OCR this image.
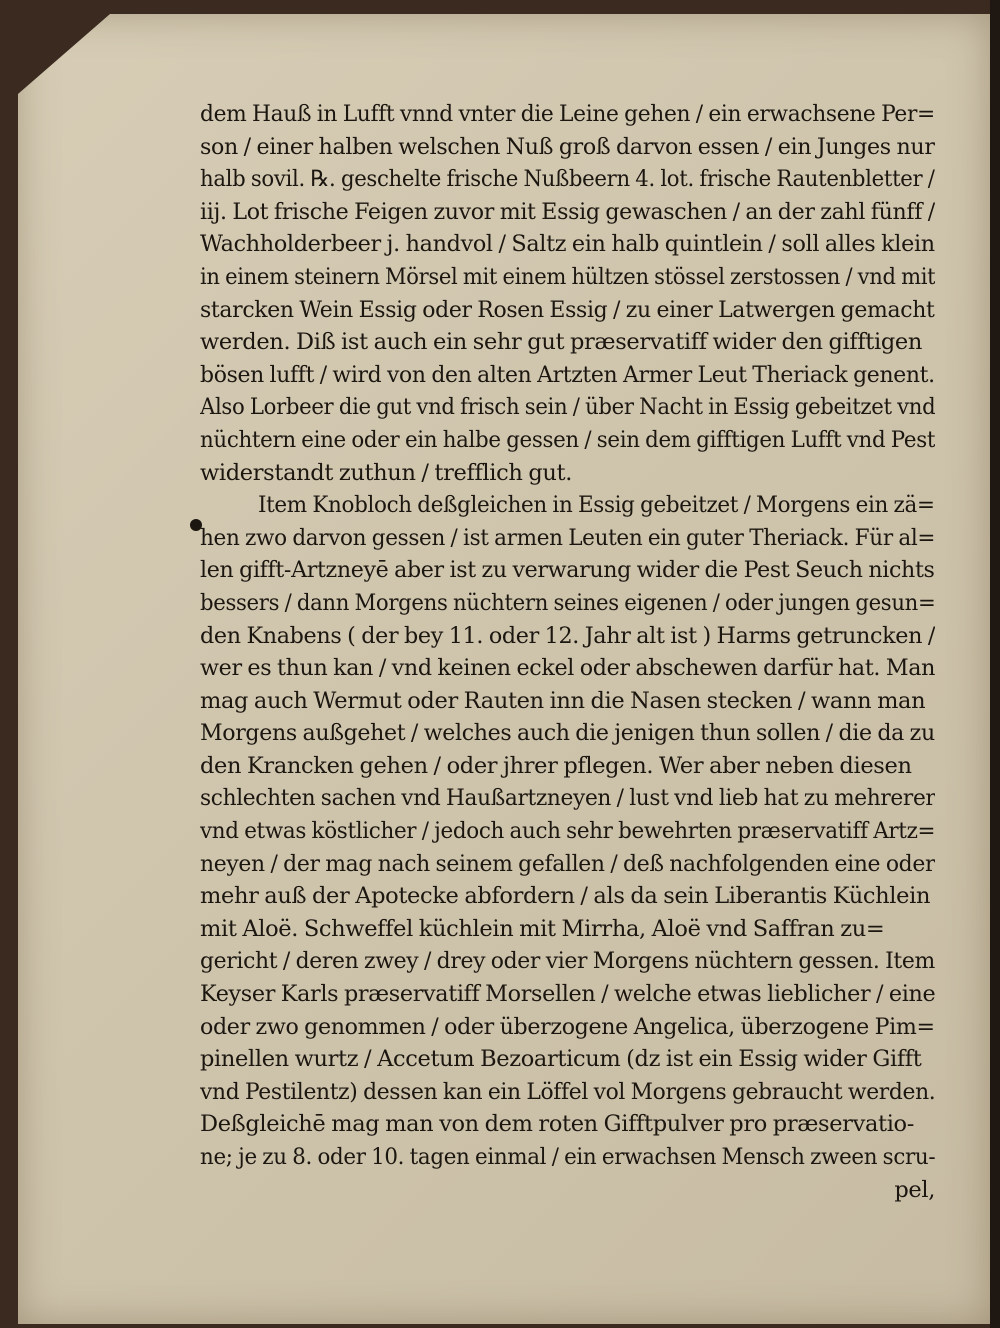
dem Hauß in Lufft vnnd vnter die Leine gehen / ein erwachsene Per=
son / einer halben welschen Nuß groß darvon essen / ein Junges nur
halb sovil. ℞. geschelte frische Nußbeern 4. lot. frische Rautenbletter /
iij. Lot frische Feigen zuvor mit Essig gewaschen / an der zahl fünff /
Wachholderbeer j. handvol / Saltz ein halb quintlein / soll alles klein
in einem steinern Mörsel mit einem hültzen stössel zerstossen / vnd mit
starcken Wein Essig oder Rosen Essig / zu einer Latwergen gemacht
werden. Diß ist auch ein sehr gut præservatiff wider den gifftigen
bösen lufft / wird von den alten Artzten Armer Leut Theriack genent.
Also Lorbeer die gut vnd frisch sein / über Nacht in Essig gebeitzet vnd
nüchtern eine oder ein halbe gessen / sein dem gifftigen Lufft vnd Pest
widerstandt zuthun / trefflich gut.
Item Knobloch deßgleichen in Essig gebeitzet / Morgens ein zä=
hen zwo darvon gessen / ist armen Leuten ein guter Theriack. Für al=
len gifft-Artzneyē aber ist zu verwarung wider die Pest Seuch nichts
bessers / dann Morgens nüchtern seines eigenen / oder jungen gesun=
den Knabens ( der bey 11. oder 12. Jahr alt ist ) Harms getruncken /
wer es thun kan / vnd keinen eckel oder abschewen darfür hat. Man
mag auch Wermut oder Rauten inn die Nasen stecken / wann man
Morgens außgehet / welches auch die jenigen thun sollen / die da zu
den Krancken gehen / oder jhrer pflegen. Wer aber neben diesen
schlechten sachen vnd Haußartzneyen / lust vnd lieb hat zu mehrerer
vnd etwas köstlicher / jedoch auch sehr bewehrten præservatiff Artz=
neyen / der mag nach seinem gefallen / deß nachfolgenden eine oder
mehr auß der Apotecke abfordern / als da sein Liberantis Küchlein
mit Aloë. Schweffel küchlein mit Mirrha, Aloë vnd Saffran zu=
gericht / deren zwey / drey oder vier Morgens nüchtern gessen. Item
Keyser Karls præservatiff Morsellen / welche etwas lieblicher / eine
oder zwo genommen / oder überzogene Angelica, überzogene Pim=
pinellen wurtz / Accetum Bezoarticum (dz ist ein Essig wider Gifft
vnd Pestilentz) dessen kan ein Löffel vol Morgens gebraucht werden.
Deßgleichē mag man von dem roten Gifftpulver pro præservatio-
ne; je zu 8. oder 10. tagen einmal / ein erwachsen Mensch zween scru-
pel,
